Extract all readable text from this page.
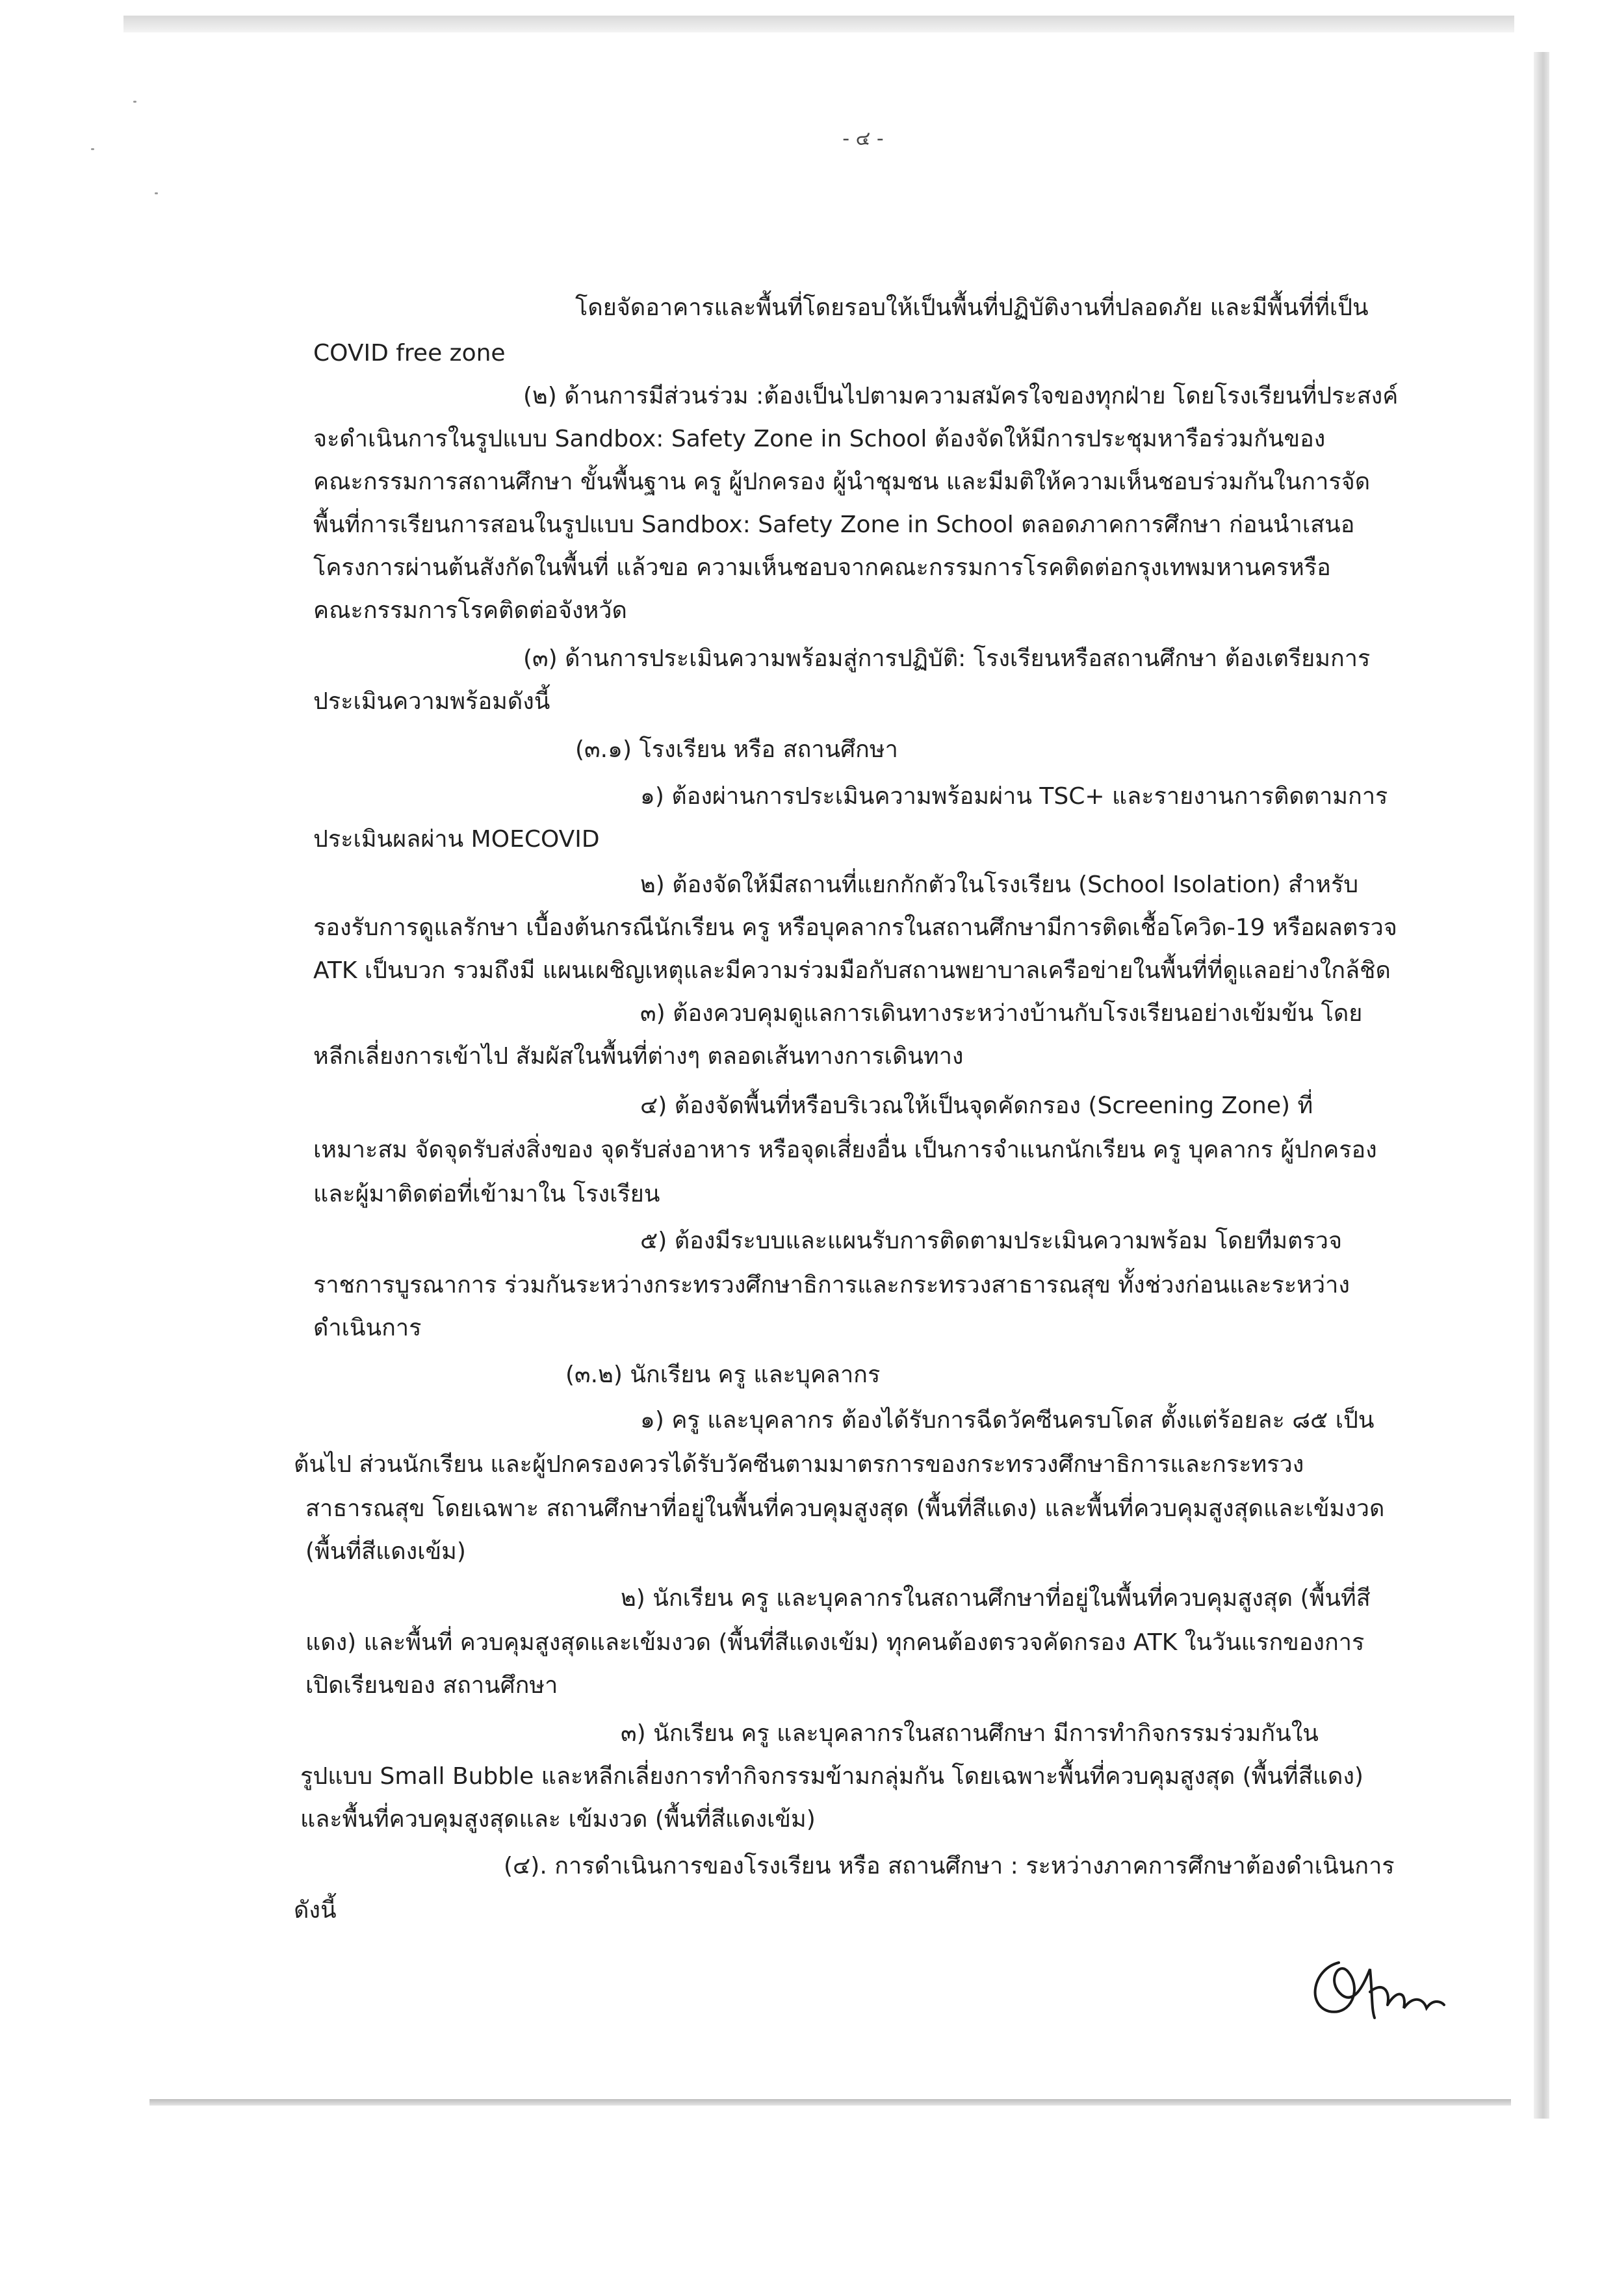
- ๔ -
โดยจัดอาคารและพื้นที่โดยรอบให้เป็นพื้นที่ปฏิบัติงานที่ปลอดภัย และมีพื้นที่ที่เป็น
COVID free zone
(๒) ด้านการมีส่วนร่วม :ต้องเป็นไปตามความสมัครใจของทุกฝ่าย โดยโรงเรียนที่ประสงค์
จะดำเนินการในรูปแบบ Sandbox: Safety Zone in School ต้องจัดให้มีการประชุมหารือร่วมกันของ
คณะกรรมการสถานศึกษา ขั้นพื้นฐาน ครู ผู้ปกครอง ผู้นำชุมชน และมีมติให้ความเห็นชอบร่วมกันในการจัด
พื้นที่การเรียนการสอนในรูปแบบ Sandbox: Safety Zone in School ตลอดภาคการศึกษา ก่อนนำเสนอ
โครงการผ่านต้นสังกัดในพื้นที่ แล้วขอ ความเห็นชอบจากคณะกรรมการโรคติดต่อกรุงเทพมหานครหรือ
คณะกรรมการโรคติดต่อจังหวัด
(๓) ด้านการประเมินความพร้อมสู่การปฏิบัติ: โรงเรียนหรือสถานศึกษา ต้องเตรียมการ
ประเมินความพร้อมดังนี้
(๓.๑) โรงเรียน หรือ สถานศึกษา
๑) ต้องผ่านการประเมินความพร้อมผ่าน TSC+ และรายงานการติดตามการ
ประเมินผลผ่าน MOECOVID
๒) ต้องจัดให้มีสถานที่แยกกักตัวในโรงเรียน (School Isolation) สำหรับ
รองรับการดูแลรักษา เบื้องต้นกรณีนักเรียน ครู หรือบุคลากรในสถานศึกษามีการติดเชื้อโควิด-19 หรือผลตรวจ
ATK เป็นบวก รวมถึงมี แผนเผชิญเหตุและมีความร่วมมือกับสถานพยาบาลเครือข่ายในพื้นที่ที่ดูแลอย่างใกล้ชิด
๓) ต้องควบคุมดูแลการเดินทางระหว่างบ้านกับโรงเรียนอย่างเข้มข้น โดย
หลีกเลี่ยงการเข้าไป สัมผัสในพื้นที่ต่างๆ ตลอดเส้นทางการเดินทาง
๔) ต้องจัดพื้นที่หรือบริเวณให้เป็นจุดคัดกรอง (Screening Zone) ที่
เหมาะสม จัดจุดรับส่งสิ่งของ จุดรับส่งอาหาร หรือจุดเสี่ยงอื่น เป็นการจำแนกนักเรียน ครู บุคลากร ผู้ปกครอง
และผู้มาติดต่อที่เข้ามาใน โรงเรียน
๕) ต้องมีระบบและแผนรับการติดตามประเมินความพร้อม โดยทีมตรวจ
ราชการบูรณาการ ร่วมกันระหว่างกระทรวงศึกษาธิการและกระทรวงสาธารณสุข ทั้งช่วงก่อนและระหว่าง
ดำเนินการ
(๓.๒) นักเรียน ครู และบุคลากร
๑) ครู และบุคลากร ต้องได้รับการฉีดวัคซีนครบโดส ตั้งแต่ร้อยละ ๘๕ เป็น
ต้นไป ส่วนนักเรียน และผู้ปกครองควรได้รับวัคซีนตามมาตรการของกระทรวงศึกษาธิการและกระทรวง
สาธารณสุข โดยเฉพาะ สถานศึกษาที่อยู่ในพื้นที่ควบคุมสูงสุด (พื้นที่สีแดง) และพื้นที่ควบคุมสูงสุดและเข้มงวด
(พื้นที่สีแดงเข้ม)
๒) นักเรียน ครู และบุคลากรในสถานศึกษาที่อยู่ในพื้นที่ควบคุมสูงสุด (พื้นที่สี
แดง) และพื้นที่ ควบคุมสูงสุดและเข้มงวด (พื้นที่สีแดงเข้ม) ทุกคนต้องตรวจคัดกรอง ATK ในวันแรกของการ
เปิดเรียนของ สถานศึกษา
๓) นักเรียน ครู และบุคลากรในสถานศึกษา มีการทำกิจกรรมร่วมกันใน
รูปแบบ Small Bubble และหลีกเลี่ยงการทำกิจกรรมข้ามกลุ่มกัน โดยเฉพาะพื้นที่ควบคุมสูงสุด (พื้นที่สีแดง)
และพื้นที่ควบคุมสูงสุดและ เข้มงวด (พื้นที่สีแดงเข้ม)
(๔). การดำเนินการของโรงเรียน หรือ สถานศึกษา : ระหว่างภาคการศึกษาต้องดำเนินการ
ดังนี้
